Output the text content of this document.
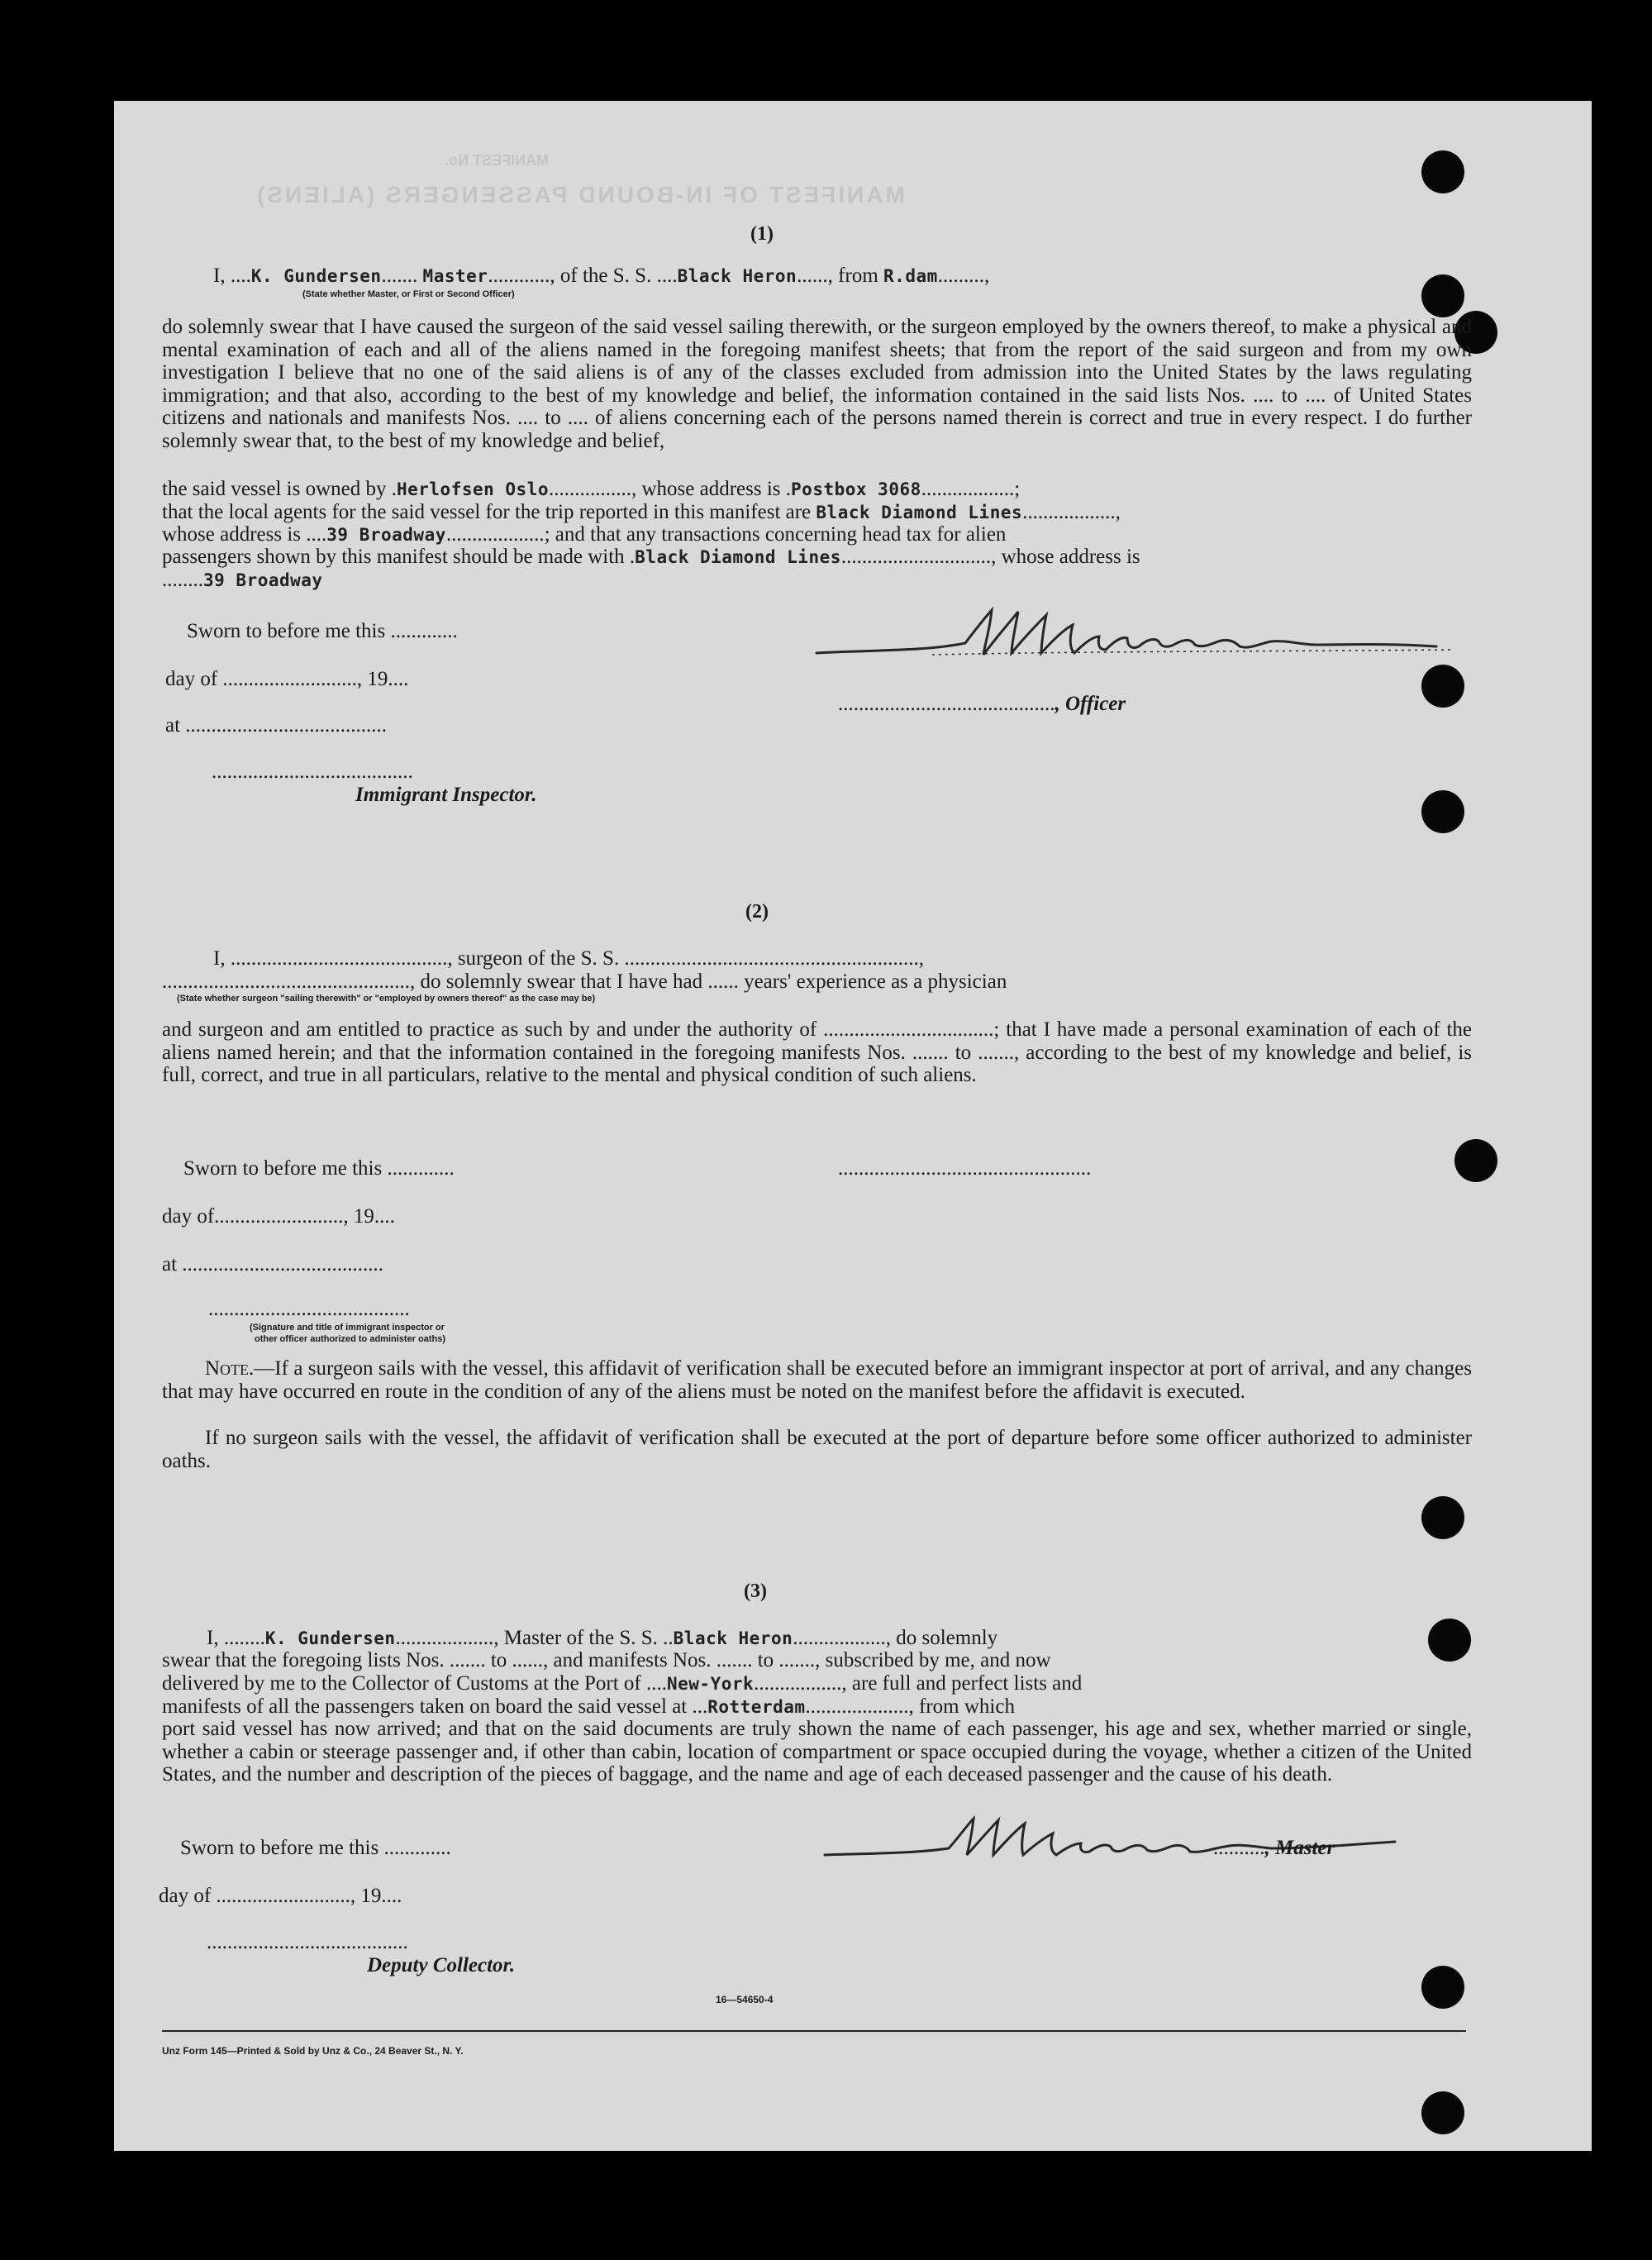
MANIFEST OF IN-BOUND PASSENGERS (ALIENS)
MANIFEST No.
(1)
I, ....K. Gundersen....... Master............, of the S. S. ....Black Heron......, from R.dam.........,
(State whether Master, or First or Second Officer)
do solemnly swear that I have caused the surgeon of the said vessel sailing therewith, or the surgeon employed by the owners thereof, to make a physical and mental examination of each and all of the aliens named in the foregoing manifest sheets; that from the report of the said surgeon and from my own investigation I believe that no one of the said aliens is of any of the classes excluded from admission into the United States by the laws regulating immigration; and that also, according to the best of my knowledge and belief, the information contained in the said lists Nos. .... to .... of United States citizens and nationals and manifests Nos. .... to .... of aliens concerning each of the persons named therein is correct and true in every respect. I do further solemnly swear that, to the best of my knowledge and belief,
the said vessel is owned by .Herlofsen Oslo................, whose address is .Postbox 3068..................;
that the local agents for the said vessel for the trip reported in this manifest are Black Diamond Lines..................,
whose address is ....39 Broadway...................; and that any transactions concerning head tax for alien
passengers shown by this manifest should be made with .Black Diamond Lines............................., whose address is
........39 Broadway
Sworn to before me this .............
day of .........................., 19....
.........................................., Officer
at .......................................
.......................................
Immigrant Inspector.
(2)
I, .........................................., surgeon of the S. S. .........................................................,
................................................, do solemnly swear that I have had ...... years' experience as a physician
(State whether surgeon "sailing therewith" or "employed by owners thereof" as the case may be)
and surgeon and am entitled to practice as such by and under the authority of .................................; that I have made a personal examination of each of the aliens named herein; and that the information contained in the foregoing manifests Nos. ....... to ......., according to the best of my knowledge and belief, is full, correct, and true in all particulars, relative to the mental and physical condition of such aliens.
Sworn to before me this .............	.................................................
day of........................., 19....
at .......................................
.......................................
(Signature and title of immigrant inspector or
other officer authorized to administer oaths)
Note.—If a surgeon sails with the vessel, this affidavit of verification shall be executed before an immigrant inspector at port of arrival, and any changes that may have occurred en route in the condition of any of the aliens must be noted on the manifest before the affidavit is executed.
If no surgeon sails with the vessel, the affidavit of verification shall be executed at the port of departure before some officer authorized to administer oaths.
(3)
I, ........K. Gundersen..................., Master of the S. S. ..Black Heron.................., do solemnly
swear that the foregoing lists Nos. ....... to ......, and manifests Nos. ....... to ......., subscribed by me, and now
delivered by me to the Collector of Customs at the Port of ....New-York................., are full and perfect lists and
manifests of all the passengers taken on board the said vessel at ...Rotterdam...................., from which
port said vessel has now arrived; and that on the said documents are truly shown the name of each passenger, his age and sex, whether married or single, whether a cabin or steerage passenger and, if other than cabin, location of compartment or space occupied during the voyage, whether a citizen of the United States, and the number and description of the pieces of baggage, and the name and age of each deceased passenger and the cause of his death.
Sworn to before me this .............	.........., Master
day of .........................., 19....
.......................................
Deputy Collector.
16—54650-4
Unz Form 145—Printed & Sold by Unz & Co., 24 Beaver St., N. Y.
